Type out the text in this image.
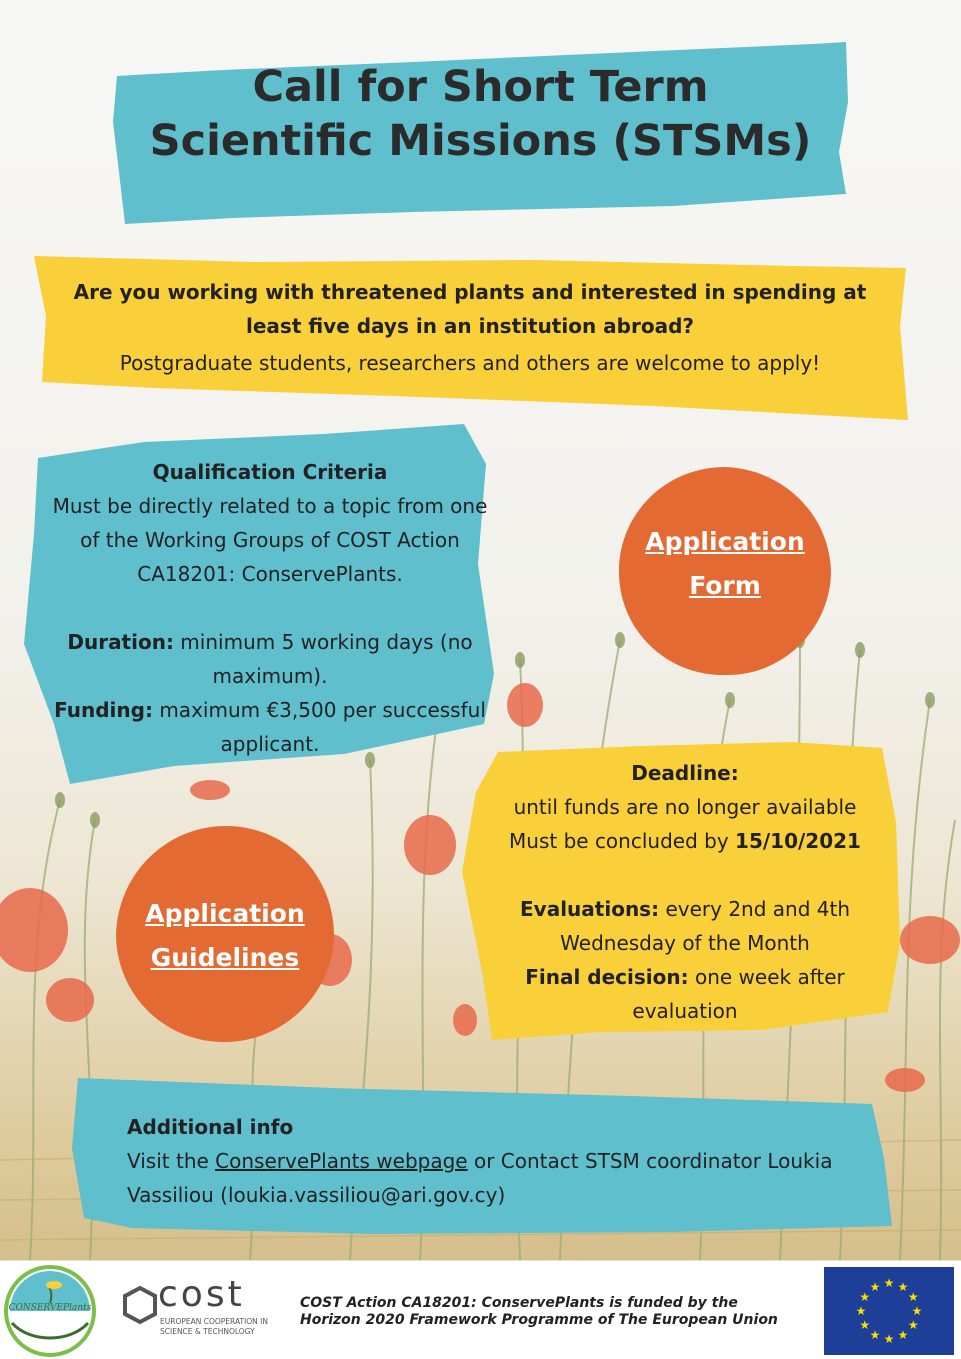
Call for Short Term
Scientific Missions (STSMs)
Are you working with threatened plants and interested in spending at least five days in an institution abroad?
Postgraduate students, researchers and others are welcome to apply!
Qualification Criteria
Must be directly related to a topic from one of the Working Groups of COST Action CA18201: ConservePlants.
Duration: minimum 5 working days (no maximum).
Funding: maximum €3,500 per successful applicant.
Application
Form
Deadline:
until funds are no longer available
Must be concluded by 15/10/2021
Evaluations: every 2nd and 4th Wednesday of the Month
Final decision: one week after evaluation
Application
Guidelines
Additional info
Visit the ConservePlants webpage or Contact STSM coordinator Loukia Vassiliou (loukia.vassiliou@ari.gov.cy)
CONSERVEPlants cost
EUROPEAN COOPERATION IN SCIENCE & TECHNOLOGY
COST Action CA18201: ConservePlants is funded by the Horizon 2020 Framework Programme of The European Union
★ ★
★
★
★
★
★
★
★
★
★
★
